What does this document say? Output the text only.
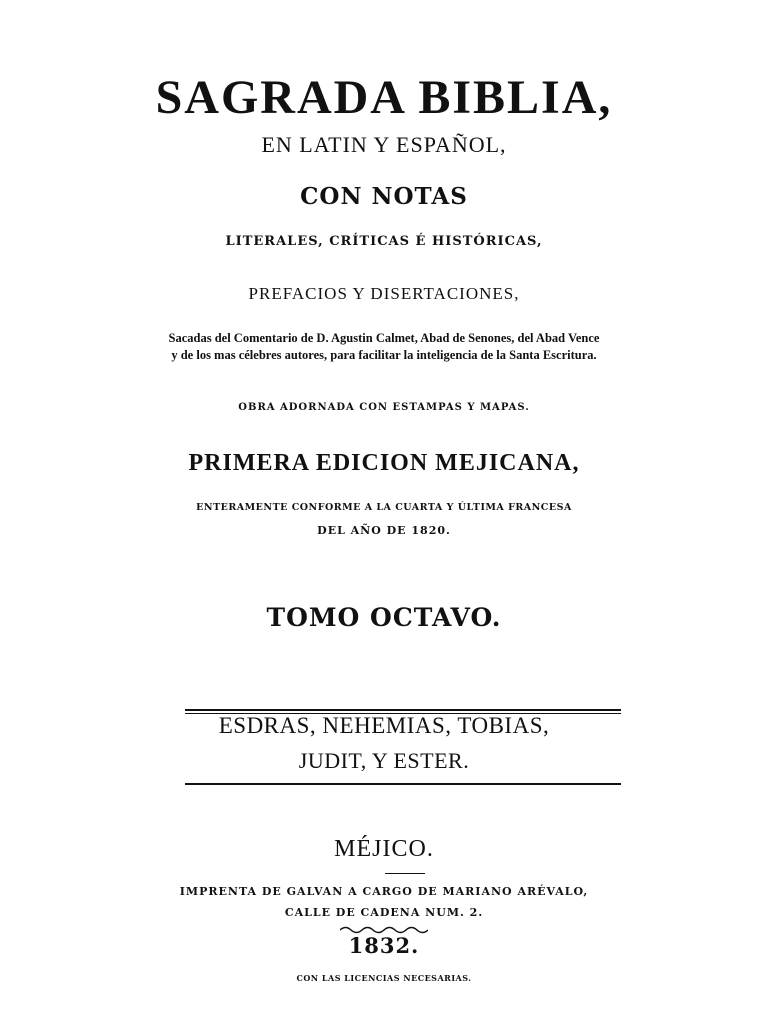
SAGRADA BIBLIA,
EN LATIN Y ESPAÑOL,
CON NOTAS
LITERALES, CRÍTICAS É HISTÓRICAS,
PREFACIOS Y DISERTACIONES,
Sacadas del Comentario de D. Agustin Calmet, Abad de Senones, del Abad Vence
y de los mas célebres autores, para facilitar la inteligencia de la Santa Escritura.
OBRA ADORNADA CON ESTAMPAS Y MAPAS.
PRIMERA EDICION MEJICANA,
ENTERAMENTE CONFORME A LA CUARTA Y ÚLTIMA FRANCESA
DEL AÑO DE 1820.
TOMO OCTAVO.
ESDRAS, NEHEMIAS, TOBIAS,
JUDIT, Y ESTER.
MÉJICO.
IMPRENTA DE GALVAN A CARGO DE MARIANO ARÉVALO,
CALLE DE CADENA NUM. 2.
1832.
CON LAS LICENCIAS NECESARIAS.
